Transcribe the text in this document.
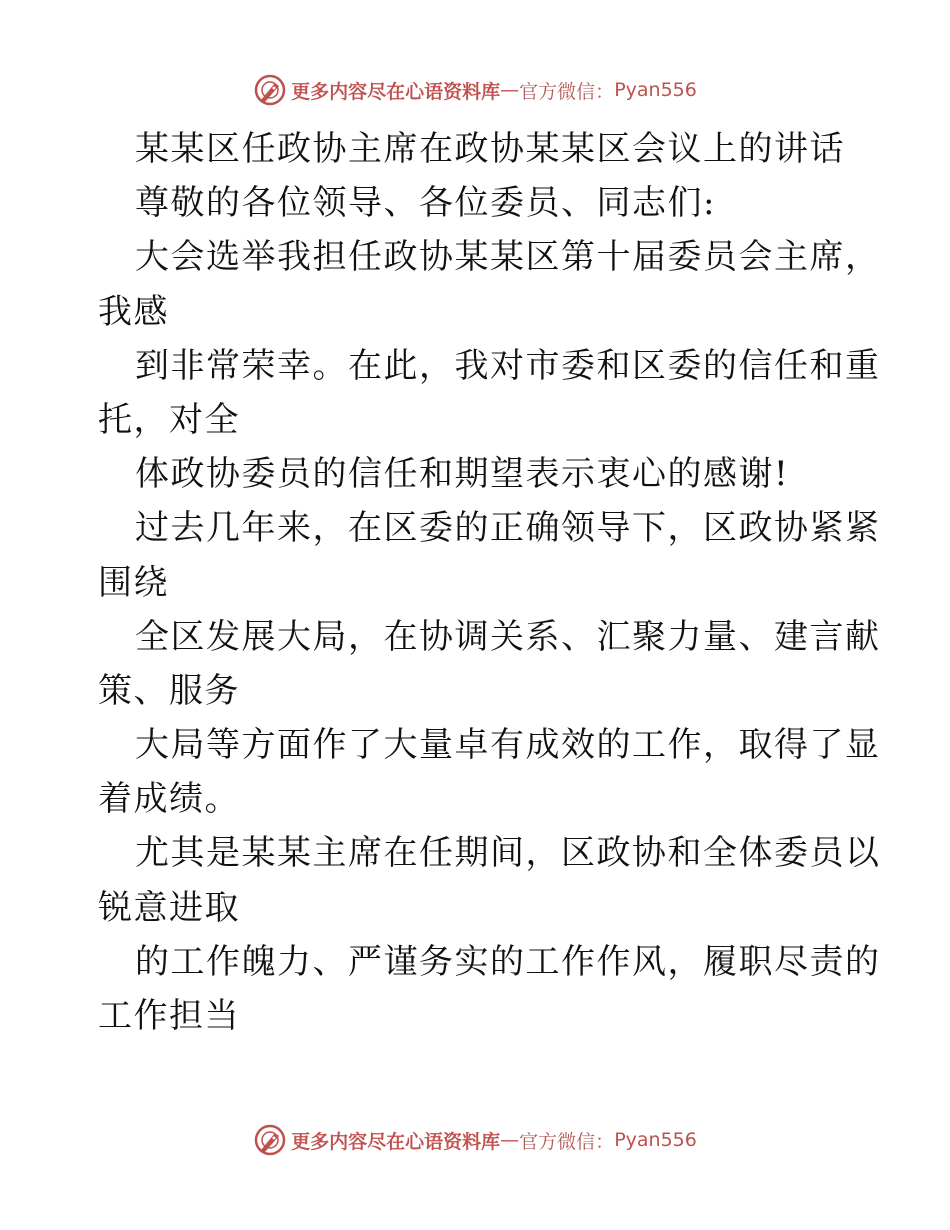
更多内容尽在心语资料库 — 官方微信： Pyan556
某某区任政协主席在政协某某区会议上的讲话
尊敬的各位领导、各位委员、同志们:
大会选举我担任政协某某区第十届委员会主席，
我感
到非常荣幸。在此，我对市委和区委的信任和重
托，对全
体政协委员的信任和期望表示衷心的感谢!
过去几年来，在区委的正确领导下，区政协紧紧
围绕
全区发展大局，在协调关系、汇聚力量、建言献
策、服务
大局等方面作了大量卓有成效的工作，取得了显
着成绩。
尤其是某某主席在任期间，区政协和全体委员以
锐意进取
的工作魄力、严谨务实的工作作风，履职尽责的
工作担当
更多内容尽在心语资料库 — 官方微信： Pyan556
